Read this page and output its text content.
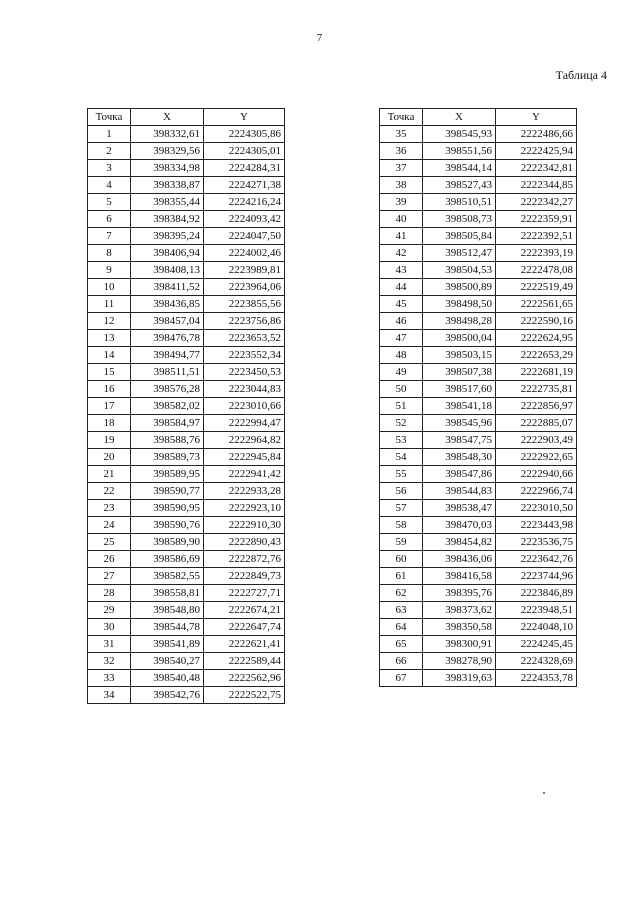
7
Таблица 4
Точка	X	Y
1	398332,61	2224305,86
2	398329,56	2224305,01
3	398334,98	2224284,31
4	398338,87	2224271,38
5	398355,44	2224216,24
6	398384,92	2224093,42
7	398395,24	2224047,50
8	398406,94	2224002,46
9	398408,13	2223989,81
10	398411,52	2223964,06
11	398436,85	2223855,56
12	398457,04	2223756,86
13	398476,78	2223653,52
14	398494,77	2223552,34
15	398511,51	2223450,53
16	398576,28	2223044,83
17	398582,02	2223010,66
18	398584,97	2222994,47
19	398588,76	2222964,82
20	398589,73	2222945,84
21	398589,95	2222941,42
22	398590,77	2222933,28
23	398590,95	2222923,10
24	398590,76	2222910,30
25	398589,90	2222890,43
26	398586,69	2222872,76
27	398582,55	2222849,73
28	398558,81	2222727,71
29	398548,80	2222674,21
30	398544,78	2222647,74
31	398541,89	2222621,41
32	398540,27	2222589,44
33	398540,48	2222562,96
34	398542,76	2222522,75
Точка	X	Y
35	398545,93	2222486,66
36	398551,56	2222425,94
37	398544,14	2222342,81
38	398527,43	2222344,85
39	398510,51	2222342,27
40	398508,73	2222359,91
41	398505,84	2222392,51
42	398512,47	2222393,19
43	398504,53	2222478,08
44	398500,89	2222519,49
45	398498,50	2222561,65
46	398498,28	2222590,16
47	398500,04	2222624,95
48	398503,15	2222653,29
49	398507,38	2222681,19
50	398517,60	2222735,81
51	398541,18	2222856,97
52	398545,96	2222885,07
53	398547,75	2222903,49
54	398548,30	2222922,65
55	398547,86	2222940,66
56	398544,83	2222966,74
57	398538,47	2223010,50
58	398470,03	2223443,98
59	398454,82	2223536,75
60	398436,06	2223642,76
61	398416,58	2223744,96
62	398395,76	2223846,89
63	398373,62	2223948,51
64	398350,58	2224048,10
65	398300,91	2224245,45
66	398278,90	2224328,69
67	398319,63	2224353,78
